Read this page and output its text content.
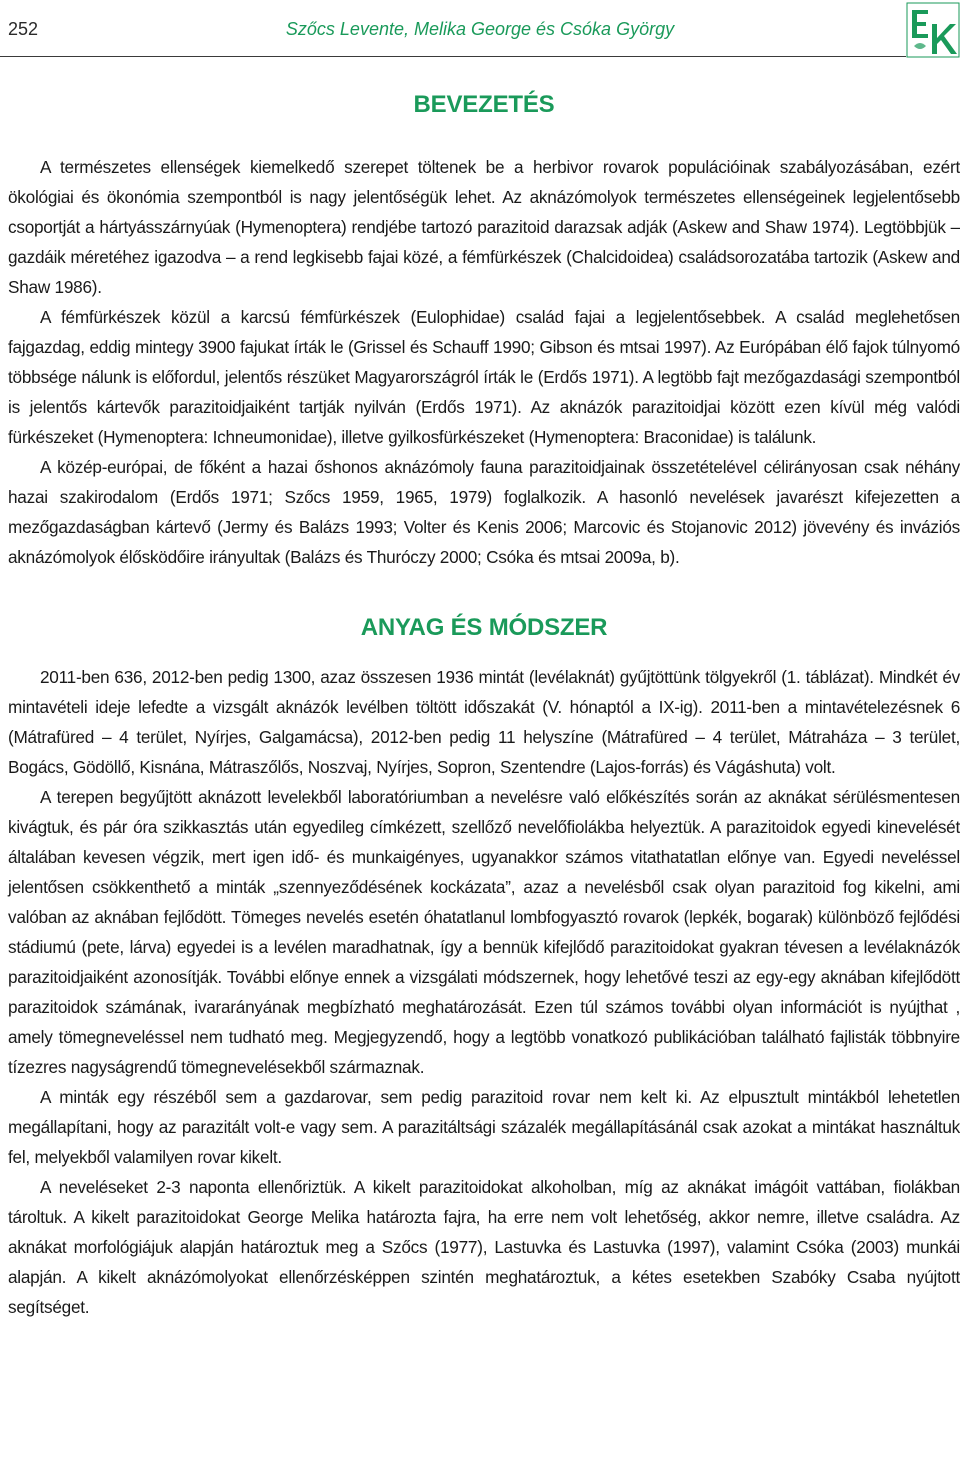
252	Szőcs Levente, Melika George és Csóka György
BEVEZETÉS

A természetes ellenségek kiemelkedő szerepet töltenek be a herbivor rovarok populációinak szabályozásában, ezért ökológiai és ökonómia szempontból is nagy jelentőségük lehet. Az aknázómolyok természetes ellenségeinek legjelentősebb csoportját a hártyásszárnyúak (Hymenoptera) rendjébe tartozó parazitoid darazsak adják (Askew and Shaw 1974). Legtöbbjük – gazdáik méretéhez igazodva – a rend legkisebb fajai közé, a fémfürkészek (Chalcidoidea) családsorozatába tartozik (Askew and Shaw 1986).

A fémfürkészek közül a karcsú fémfürkészek (Eulophidae) család fajai a legjelentősebbek. A család meglehetősen fajgazdag, eddig mintegy 3900 fajukat írták le (Grissel és Schauff 1990; Gibson és mtsai 1997). Az Európában élő fajok túlnyomó többsége nálunk is előfordul, jelentős részüket Magyarországról írták le (Erdős 1971). A legtöbb fajt mezőgazdasági szempontból is jelentős kártevők parazitoidjaiként tartják nyilván (Erdős 1971). Az aknázók parazitoidjai között ezen kívül még valódi fürkészeket (Hymenoptera: Ichneumonidae), illetve gyilkosfürkészeket (Hymenoptera: Braconidae) is találunk.

A közép-európai, de főként a hazai őshonos aknázómoly fauna parazitoidjainak összetételével célirányosan csak néhány hazai szakirodalom (Erdős 1971; Szőcs 1959, 1965, 1979) foglalkozik. A hasonló nevelések javarészt kifejezetten a mezőgazdaságban kártevő (Jermy és Balázs 1993; Volter és Kenis 2006; Marcovic és Stojanovic 2012) jövevény és inváziós aknázómolyok élősködőire irányultak (Balázs és Thuróczy 2000; Csóka és mtsai 2009a, b).

ANYAG ÉS MÓDSZER

2011-ben 636, 2012-ben pedig 1300, azaz összesen 1936 mintát (levélaknát) gyűjtöttünk tölgyekről (1. táblázat). Mindkét év mintavételi ideje lefedte a vizsgált aknázók levélben töltött időszakát (V. hónaptól a IX-ig). 2011-ben a mintavételezésnek 6 (Mátrafüred – 4 terület, Nyírjes, Galgamácsa), 2012-ben pedig 11 helyszíne (Mátrafüred – 4 terület, Mátraháza – 3 terület, Bogács, Gödöllő, Kisnána, Mátraszőlős, Noszvaj, Nyírjes, Sopron, Szentendre (Lajos-forrás) és Vágáshuta) volt.

A terepen begyűjtött aknázott levelekből laboratóriumban a nevelésre való előkészítés során az aknákat sérülésmentesen kivágtuk, és pár óra szikkasztás után egyedileg címkézett, szellőző nevelőfiolákba helyeztük. A parazitoidok egyedi kinevelését általában kevesen végzik, mert igen idő- és munkaigényes, ugyanakkor számos vitathatatlan előnye van. Egyedi neveléssel jelentősen csökkenthető a minták „szennyeződésének kockázata”, azaz a nevelésből csak olyan parazitoid fog kikelni, ami valóban az aknában fejlődött. Tömeges nevelés esetén óhatatlanul lombfogyasztó rovarok (lepkék, bogarak) különböző fejlődési stádiumú (pete, lárva) egyedei is a levélen maradhatnak, így a bennük kifejlődő parazitoidokat gyakran tévesen a levélaknázók parazitoidjaiként azonosítják. További előnye ennek a vizsgálati módszernek, hogy lehetővé teszi az egy-egy aknában kifejlődött parazitoidok számának, ivararányának megbízható meghatározását. Ezen túl számos további olyan információt is nyújthat , amely tömegneveléssel nem tudható meg. Megjegyzendő, hogy a legtöbb vonatkozó publikációban található fajlisták többnyire tízezres nagyságrendű tömegnevelésekből származnak.

A minták egy részéből sem a gazdarovar, sem pedig parazitoid rovar nem kelt ki. Az elpusztult mintákból lehetetlen megállapítani, hogy az parazitált volt-e vagy sem. A parazitáltsági százalék megállapításánál csak azokat a mintákat használtuk fel, melyekből valamilyen rovar kikelt.

A neveléseket 2-3 naponta ellenőriztük. A kikelt parazitoidokat alkoholban, míg az aknákat imágóit vattában, fiolákban tároltuk. A kikelt parazitoidokat George Melika határozta fajra, ha erre nem volt lehetőség, akkor nemre, illetve családra. Az aknákat morfológiájuk alapján határoztuk meg a Szőcs (1977), Lastuvka és Lastuvka (1997), valamint Csóka (2003) munkái alapján. A kikelt aknázómolyokat ellenőrzésképpen szintén meghatároztuk, a kétes esetekben Szabóky Csaba nyújtott segítséget.
